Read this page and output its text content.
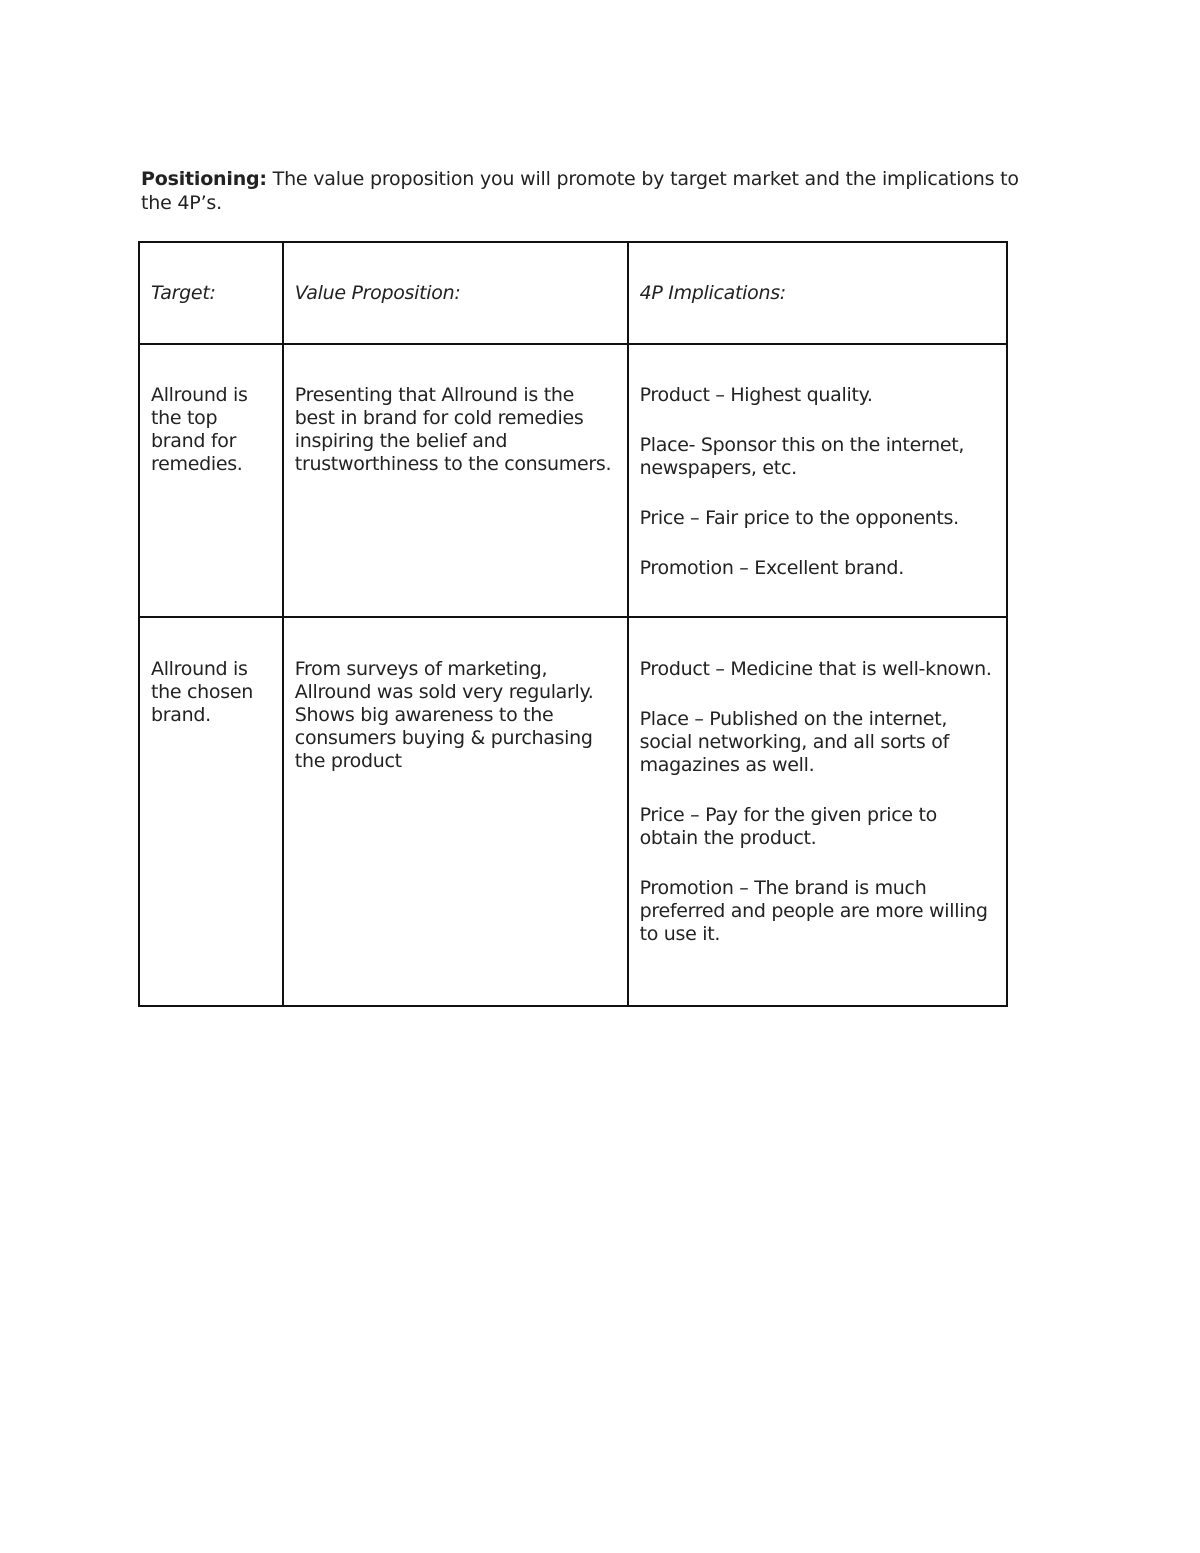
Positioning: The value proposition you will promote by target market and the implications to the 4P’s.
Target:	Value Proposition:	4P Implications:
Allround is the top brand for remedies.	Presenting that Allround is the best in brand for cold remedies inspiring the belief and trustworthiness to the consumers.	Product – Highest quality.

Place- Sponsor this on the internet, newspapers, etc.

Price – Fair price to the opponents.

Promotion – Excellent brand.

Allround is the chosen brand.	From surveys of marketing, Allround was sold very regularly. Shows big awareness to the consumers buying & purchasing the product	Product – Medicine that is well-known.

Place – Published on the internet, social networking, and all sorts of magazines as well.

Price – Pay for the given price to obtain the product.

Promotion – The brand is much preferred and people are more willing to use it.
